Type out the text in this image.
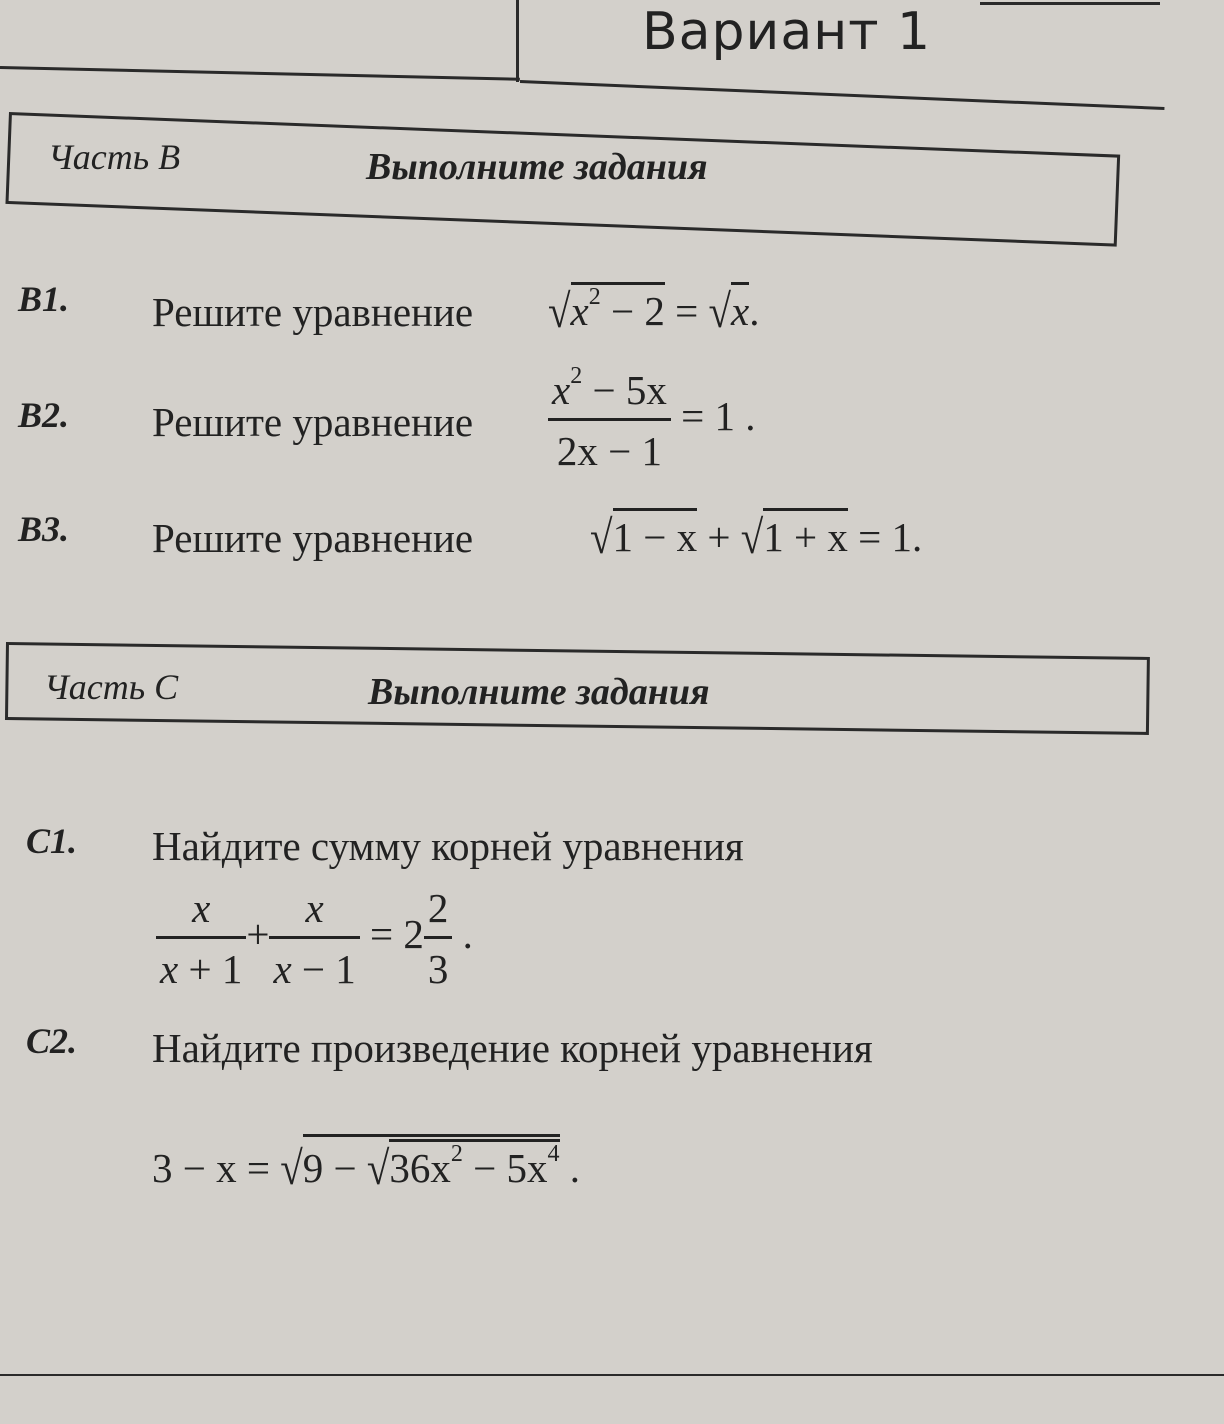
Вариант 1
Часть B	Выполните задания
B1. Решите уравнение $√x^2 - 2 = √x$.
B2. Решите уравнение $\frac{x^2 - 5x}{2x - 1} = 1$ .
B3. Решите уравнение	√1 − x + √1 + x = 1.
Часть C	Выполните задания
C1. Найдите сумму корней уравнения
$\frac{x}{x + 1} + \frac{x}{x - 1} = 2 \frac{2}{3}$ .
C2. Найдите произведение корней уравнения
$3 - x = √9 - √36x^2 - 5x^4$ .
